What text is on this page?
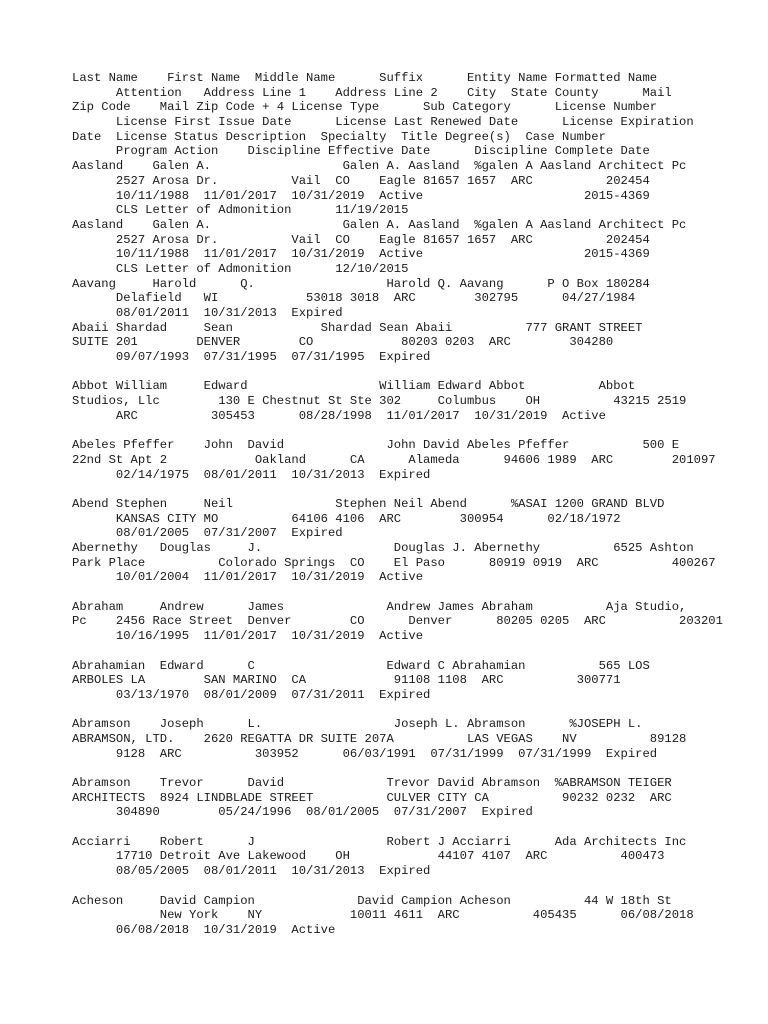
Last Name    First Name  Middle Name      Suffix      Entity Name Formatted Name
Attention   Address Line 1    Address Line 2    City  State County      Mail
Zip Code    Mail Zip Code + 4 License Type      Sub Category      License Number
License First Issue Date      License Last Renewed Date      License Expiration
Date  License Status Description  Specialty  Title Degree(s)  Case Number
Program Action    Discipline Effective Date      Discipline Complete Date
Aasland    Galen A.                  Galen A. Aasland  %galen A Aasland Architect Pc
2527 Arosa Dr.          Vail  CO    Eagle 81657 1657  ARC          202454
10/11/1988  11/01/2017  10/31/2019  Active                      2015-4369
CLS Letter of Admonition      11/19/2015
Aasland    Galen A.                  Galen A. Aasland  %galen A Aasland Architect Pc
2527 Arosa Dr.          Vail  CO    Eagle 81657 1657  ARC          202454
10/11/1988  11/01/2017  10/31/2019  Active                      2015-4369
CLS Letter of Admonition      12/10/2015
Aavang     Harold      Q.                  Harold Q. Aavang      P O Box 180284
Delafield   WI            53018 3018  ARC        302795      04/27/1984
08/01/2011  10/31/2013  Expired
Abaii Shardad     Sean            Shardad Sean Abaii          777 GRANT STREET
SUITE 201        DENVER        CO            80203 0203  ARC        304280
09/07/1993  07/31/1995  07/31/1995  Expired
Abbot William     Edward                  William Edward Abbot          Abbot
Studios, Llc        130 E Chestnut St Ste 302     Columbus    OH          43215 2519
ARC          305453      08/28/1998  11/01/2017  10/31/2019  Active
Abeles Pfeffer    John  David              John David Abeles Pfeffer          500 E
22nd St Apt 2            Oakland      CA      Alameda      94606 1989  ARC        201097
02/14/1975  08/01/2011  10/31/2013  Expired
Abend Stephen     Neil              Stephen Neil Abend      %ASAI 1200 GRAND BLVD
KANSAS CITY MO          64106 4106  ARC        300954      02/18/1972
08/01/2005  07/31/2007  Expired
Abernethy   Douglas     J.                  Douglas J. Abernethy          6525 Ashton
Park Place          Colorado Springs  CO    El Paso      80919 0919  ARC          400267
10/01/2004  11/01/2017  10/31/2019  Active
Abraham     Andrew      James              Andrew James Abraham          Aja Studio,
Pc    2456 Race Street  Denver        CO      Denver      80205 0205  ARC          203201
10/16/1995  11/01/2017  10/31/2019  Active
Abrahamian  Edward      C                  Edward C Abrahamian          565 LOS
ARBOLES LA        SAN MARINO  CA            91108 1108  ARC          300771
03/13/1970  08/01/2009  07/31/2011  Expired
Abramson    Joseph      L.                  Joseph L. Abramson      %JOSEPH L.
ABRAMSON, LTD.    2620 REGATTA DR SUITE 207A          LAS VEGAS    NV          89128
9128  ARC          303952      06/03/1991  07/31/1999  07/31/1999  Expired
Abramson    Trevor      David              Trevor David Abramson  %ABRAMSON TEIGER
ARCHITECTS  8924 LINDBLADE STREET          CULVER CITY CA          90232 0232  ARC
304890        05/24/1996  08/01/2005  07/31/2007  Expired
Acciarri    Robert      J                  Robert J Acciarri      Ada Architects Inc
17710 Detroit Ave Lakewood    OH            44107 4107  ARC          400473
08/05/2005  08/01/2011  10/31/2013  Expired
Acheson     David Campion              David Campion Acheson          44 W 18th St
New York    NY            10011 4611  ARC          405435      06/08/2018
06/08/2018  10/31/2019  Active
